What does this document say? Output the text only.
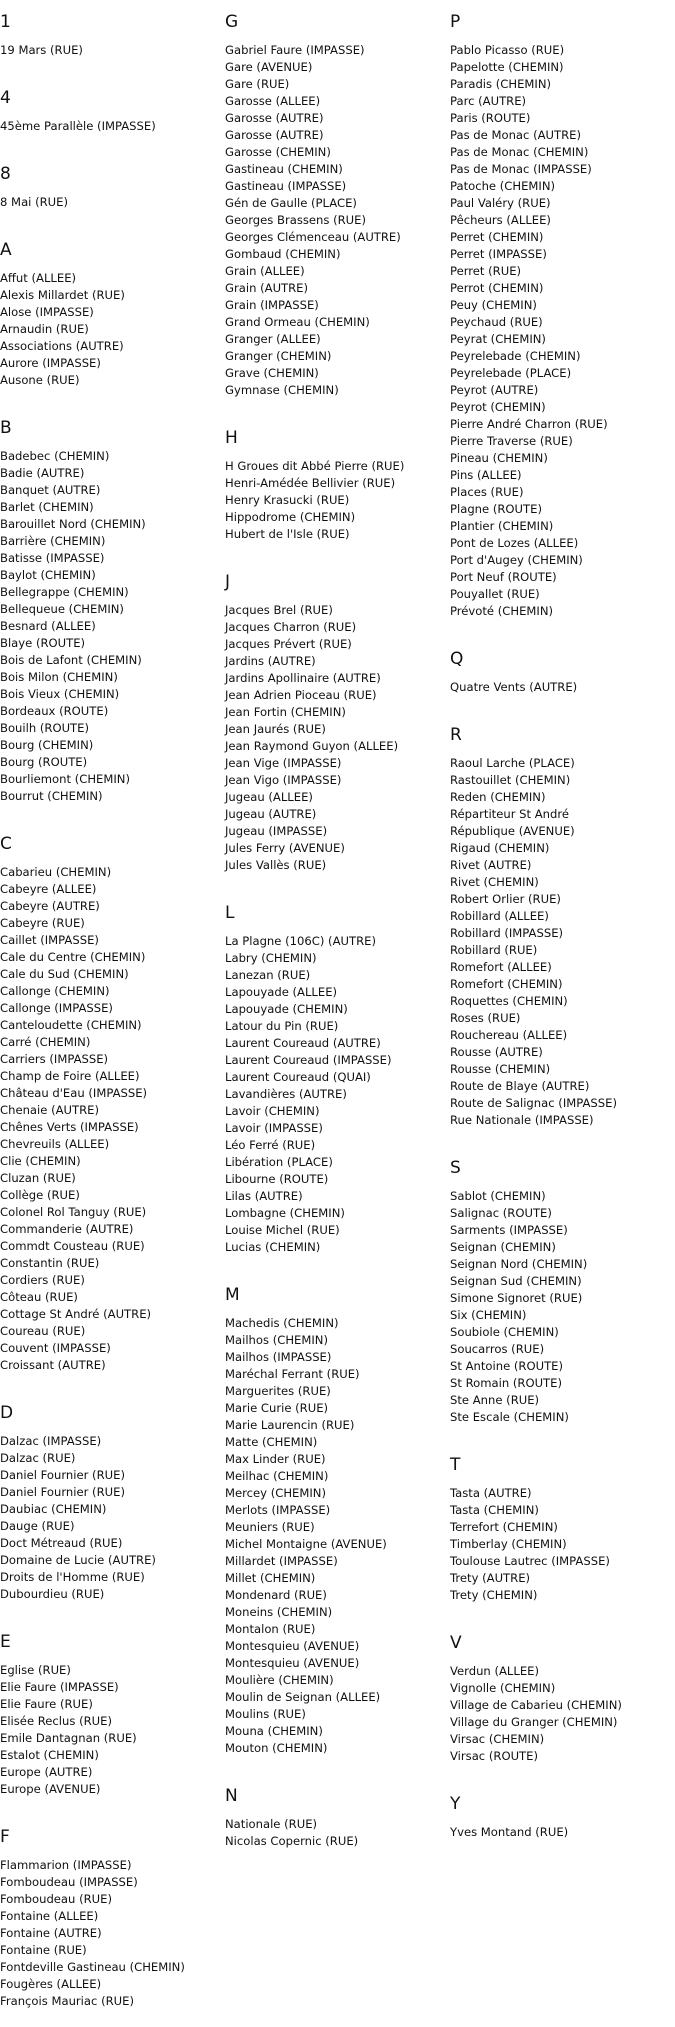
1
19 Mars (RUE)
4
45ème Parallèle (IMPASSE)
8
8 Mai (RUE)
A
Affut (ALLEE)
Alexis Millardet (RUE)
Alose (IMPASSE)
Arnaudin (RUE)
Associations (AUTRE)
Aurore (IMPASSE)
Ausone (RUE)
B
Badebec (CHEMIN)
Badie (AUTRE)
Banquet (AUTRE)
Barlet (CHEMIN)
Barouillet Nord (CHEMIN)
Barrière (CHEMIN)
Batisse (IMPASSE)
Baylot (CHEMIN)
Bellegrappe (CHEMIN)
Bellequeue (CHEMIN)
Besnard (ALLEE)
Blaye (ROUTE)
Bois de Lafont (CHEMIN)
Bois Milon (CHEMIN)
Bois Vieux (CHEMIN)
Bordeaux (ROUTE)
Bouilh (ROUTE)
Bourg (CHEMIN)
Bourg (ROUTE)
Bourliemont (CHEMIN)
Bourrut (CHEMIN)
C
Cabarieu (CHEMIN)
Cabeyre (ALLEE)
Cabeyre (AUTRE)
Cabeyre (RUE)
Caillet (IMPASSE)
Cale du Centre (CHEMIN)
Cale du Sud (CHEMIN)
Callonge (CHEMIN)
Callonge (IMPASSE)
Canteloudette (CHEMIN)
Carré (CHEMIN)
Carriers (IMPASSE)
Champ de Foire (ALLEE)
Château d'Eau (IMPASSE)
Chenaie (AUTRE)
Chênes Verts (IMPASSE)
Chevreuils (ALLEE)
Clie (CHEMIN)
Cluzan (RUE)
Collège (RUE)
Colonel Rol Tanguy (RUE)
Commanderie (AUTRE)
Commdt Cousteau (RUE)
Constantin (RUE)
Cordiers (RUE)
Côteau (RUE)
Cottage St André (AUTRE)
Coureau (RUE)
Couvent (IMPASSE)
Croissant (AUTRE)
D
Dalzac (IMPASSE)
Dalzac (RUE)
Daniel Fournier (RUE)
Daniel Fournier (RUE)
Daubiac (CHEMIN)
Dauge (RUE)
Doct Métreaud (RUE)
Domaine de Lucie (AUTRE)
Droits de l'Homme (RUE)
Dubourdieu (RUE)
E
Eglise (RUE)
Elie Faure (IMPASSE)
Elie Faure (RUE)
Elisée Reclus (RUE)
Emile Dantagnan (RUE)
Estalot (CHEMIN)
Europe (AUTRE)
Europe (AVENUE)
F
Flammarion (IMPASSE)
Fomboudeau (IMPASSE)
Fomboudeau (RUE)
Fontaine (ALLEE)
Fontaine (AUTRE)
Fontaine (RUE)
Fontdeville Gastineau (CHEMIN)
Fougères (ALLEE)
François Mauriac (RUE)
G
Gabriel Faure (IMPASSE)
Gare (AVENUE)
Gare (RUE)
Garosse (ALLEE)
Garosse (AUTRE)
Garosse (AUTRE)
Garosse (CHEMIN)
Gastineau (CHEMIN)
Gastineau (IMPASSE)
Gén de Gaulle (PLACE)
Georges Brassens (RUE)
Georges Clémenceau (AUTRE)
Gombaud (CHEMIN)
Grain (ALLEE)
Grain (AUTRE)
Grain (IMPASSE)
Grand Ormeau (CHEMIN)
Granger (ALLEE)
Granger (CHEMIN)
Grave (CHEMIN)
Gymnase (CHEMIN)
H
H Groues dit Abbé Pierre (RUE)
Henri-Amédée Bellivier (RUE)
Henry Krasucki (RUE)
Hippodrome (CHEMIN)
Hubert de l'Isle (RUE)
J
Jacques Brel (RUE)
Jacques Charron (RUE)
Jacques Prévert (RUE)
Jardins (AUTRE)
Jardins Apollinaire (AUTRE)
Jean Adrien Pioceau (RUE)
Jean Fortin (CHEMIN)
Jean Jaurés (RUE)
Jean Raymond Guyon (ALLEE)
Jean Vige (IMPASSE)
Jean Vigo (IMPASSE)
Jugeau (ALLEE)
Jugeau (AUTRE)
Jugeau (IMPASSE)
Jules Ferry (AVENUE)
Jules Vallès (RUE)
L
La Plagne (106C) (AUTRE)
Labry (CHEMIN)
Lanezan (RUE)
Lapouyade (ALLEE)
Lapouyade (CHEMIN)
Latour du Pin (RUE)
Laurent Coureaud (AUTRE)
Laurent Coureaud (IMPASSE)
Laurent Coureaud (QUAI)
Lavandières (AUTRE)
Lavoir (CHEMIN)
Lavoir (IMPASSE)
Léo Ferré (RUE)
Libération (PLACE)
Libourne (ROUTE)
Lilas (AUTRE)
Lombagne (CHEMIN)
Louise Michel (RUE)
Lucias (CHEMIN)
M
Machedis (CHEMIN)
Mailhos (CHEMIN)
Mailhos (IMPASSE)
Maréchal Ferrant (RUE)
Marguerites (RUE)
Marie Curie (RUE)
Marie Laurencin (RUE)
Matte (CHEMIN)
Max Linder (RUE)
Meilhac (CHEMIN)
Mercey (CHEMIN)
Merlots (IMPASSE)
Meuniers (RUE)
Michel Montaigne (AVENUE)
Millardet (IMPASSE)
Millet (CHEMIN)
Mondenard (RUE)
Moneins (CHEMIN)
Montalon (RUE)
Montesquieu (AVENUE)
Montesquieu (AVENUE)
Moulière (CHEMIN)
Moulin de Seignan (ALLEE)
Moulins (RUE)
Mouna (CHEMIN)
Mouton (CHEMIN)
N
Nationale (RUE)
Nicolas Copernic (RUE)
P
Pablo Picasso (RUE)
Papelotte (CHEMIN)
Paradis (CHEMIN)
Parc (AUTRE)
Paris (ROUTE)
Pas de Monac (AUTRE)
Pas de Monac (CHEMIN)
Pas de Monac (IMPASSE)
Patoche (CHEMIN)
Paul Valéry (RUE)
Pêcheurs (ALLEE)
Perret (CHEMIN)
Perret (IMPASSE)
Perret (RUE)
Perrot (CHEMIN)
Peuy (CHEMIN)
Peychaud (RUE)
Peyrat (CHEMIN)
Peyrelebade (CHEMIN)
Peyrelebade (PLACE)
Peyrot (AUTRE)
Peyrot (CHEMIN)
Pierre André Charron (RUE)
Pierre Traverse (RUE)
Pineau (CHEMIN)
Pins (ALLEE)
Places (RUE)
Plagne (ROUTE)
Plantier (CHEMIN)
Pont de Lozes (ALLEE)
Port d'Augey (CHEMIN)
Port Neuf (ROUTE)
Pouyallet (RUE)
Prévoté (CHEMIN)
Q
Quatre Vents (AUTRE)
R
Raoul Larche (PLACE)
Rastouillet (CHEMIN)
Reden (CHEMIN)
Répartiteur St André
République (AVENUE)
Rigaud (CHEMIN)
Rivet (AUTRE)
Rivet (CHEMIN)
Robert Orlier (RUE)
Robillard (ALLEE)
Robillard (IMPASSE)
Robillard (RUE)
Romefort (ALLEE)
Romefort (CHEMIN)
Roquettes (CHEMIN)
Roses (RUE)
Rouchereau (ALLEE)
Rousse (AUTRE)
Rousse (CHEMIN)
Route de Blaye (AUTRE)
Route de Salignac (IMPASSE)
Rue Nationale (IMPASSE)
S
Sablot (CHEMIN)
Salignac (ROUTE)
Sarments (IMPASSE)
Seignan (CHEMIN)
Seignan Nord (CHEMIN)
Seignan Sud (CHEMIN)
Simone Signoret (RUE)
Six (CHEMIN)
Soubiole (CHEMIN)
Soucarros (RUE)
St Antoine (ROUTE)
St Romain (ROUTE)
Ste Anne (RUE)
Ste Escale (CHEMIN)
T
Tasta (AUTRE)
Tasta (CHEMIN)
Terrefort (CHEMIN)
Timberlay (CHEMIN)
Toulouse Lautrec (IMPASSE)
Trety (AUTRE)
Trety (CHEMIN)
V
Verdun (ALLEE)
Vignolle (CHEMIN)
Village de Cabarieu (CHEMIN)
Village du Granger (CHEMIN)
Virsac (CHEMIN)
Virsac (ROUTE)
Y
Yves Montand (RUE)
